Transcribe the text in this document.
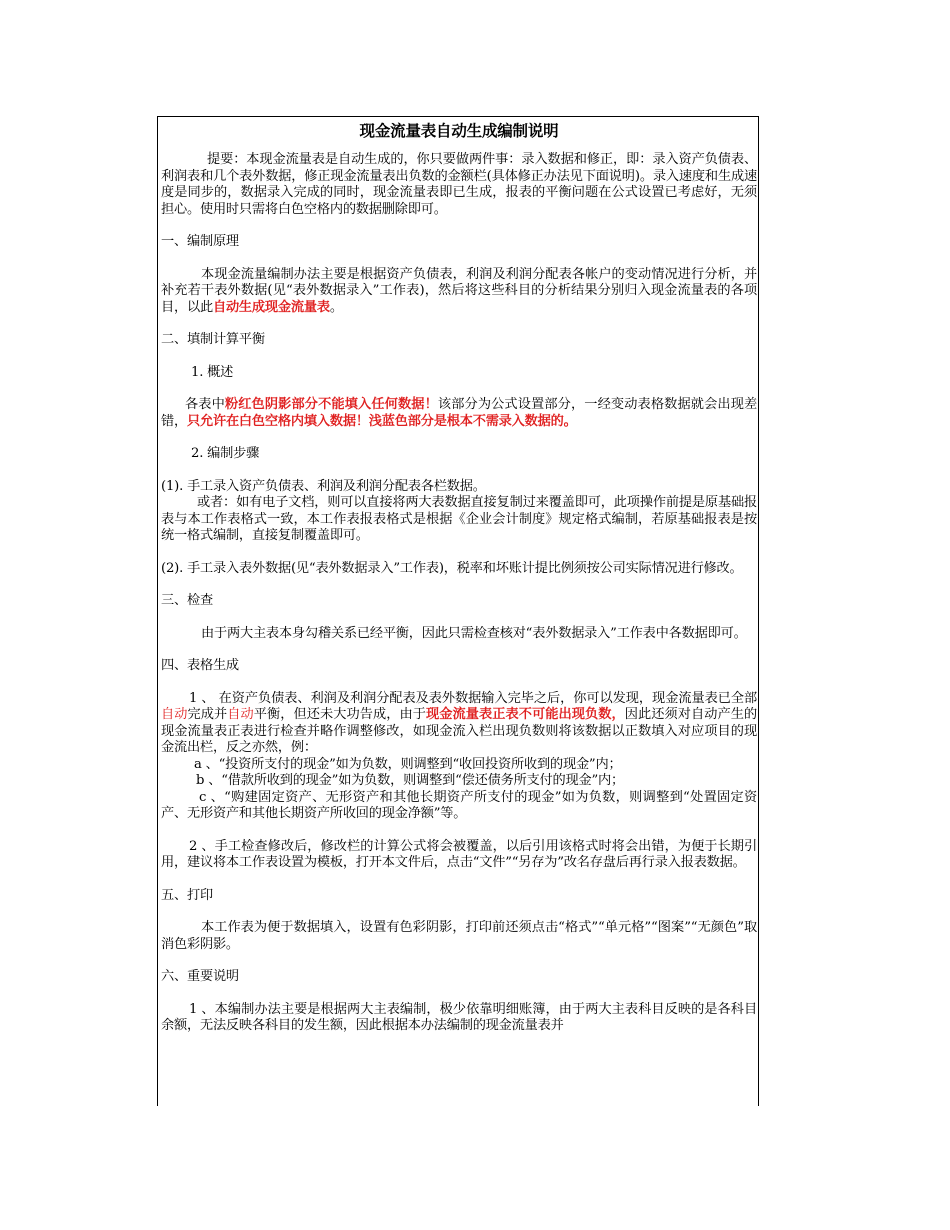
现金流量表自动生成编制说明

提要：本现金流量表是自动生成的，你只要做两件事：录入数据和修正，即：录入资产负债表、利润表和几个表外数据，修正现金流量表出负数的金额栏(具体修正办法见下面说明)。录入速度和生成速度是同步的，数据录入完成的同时，现金流量表即已生成，报表的平衡问题在公式设置已考虑好，无须担心。使用时只需将白色空格内的数据删除即可。

一、编制原理

本现金流量编制办法主要是根据资产负债表，利润及利润分配表各帐户的变动情况进行分析，并补充若干表外数据(见“表外数据录入”工作表)，然后将这些科目的分析结果分别归入现金流量表的各项目，以此自动生成现金流量表。

二、填制计算平衡

1. 概述

各表中粉红色阴影部分不能填入任何数据！该部分为公式设置部分，一经变动表格数据就会出现差错，只允许在白色空格内填入数据！浅蓝色部分是根本不需录入数据的。

2. 编制步骤

(1). 手工录入资产负债表、利润及利润分配表各栏数据。

或者：如有电子文档，则可以直接将两大表数据直接复制过来覆盖即可，此项操作前提是原基础报表与本工作表格式一致，本工作表报表格式是根据《企业会计制度》规定格式编制，若原基础报表是按统一格式编制，直接复制覆盖即可。

(2). 手工录入表外数据(见“表外数据录入”工作表)，税率和坏账计提比例须按公司实际情况进行修改。

三、检查

由于两大主表本身勾稽关系已经平衡，因此只需检查核对“表外数据录入”工作表中各数据即可。

四、表格生成

1 、 在资产负债表、利润及利润分配表及表外数据输入完毕之后，你可以发现，现金流量表已全部自动完成并自动平衡，但还未大功告成，由于现金流量表正表不可能出现负数，因此还须对自动产生的现金流量表正表进行检查并略作调整修改，如现金流入栏出现负数则将该数据以正数填入对应项目的现金流出栏，反之亦然，例：

a 、“投资所支付的现金”如为负数，则调整到“收回投资所收到的现金”内；

b 、“借款所收到的现金”如为负数，则调整到“偿还债务所支付的现金”内；

c 、“购建固定资产、无形资产和其他长期资产所支付的现金”如为负数，则调整到“处置固定资产、无形资产和其他长期资产所收回的现金净额”等。

2 、手工检查修改后，修改栏的计算公式将会被覆盖，以后引用该格式时将会出错，为便于长期引用，建议将本工作表设置为模板，打开本文件后，点击“文件”“另存为”改名存盘后再行录入报表数据。

五、打印

本工作表为便于数据填入，设置有色彩阴影，打印前还须点击“格式”“单元格”“图案”“无颜色”取消色彩阴影。

六、重要说明

1 、本编制办法主要是根据两大主表编制，极少依靠明细账簿，由于两大主表科目反映的是各科目余额，无法反映各科目的发生额，因此根据本办法编制的现金流量表并
